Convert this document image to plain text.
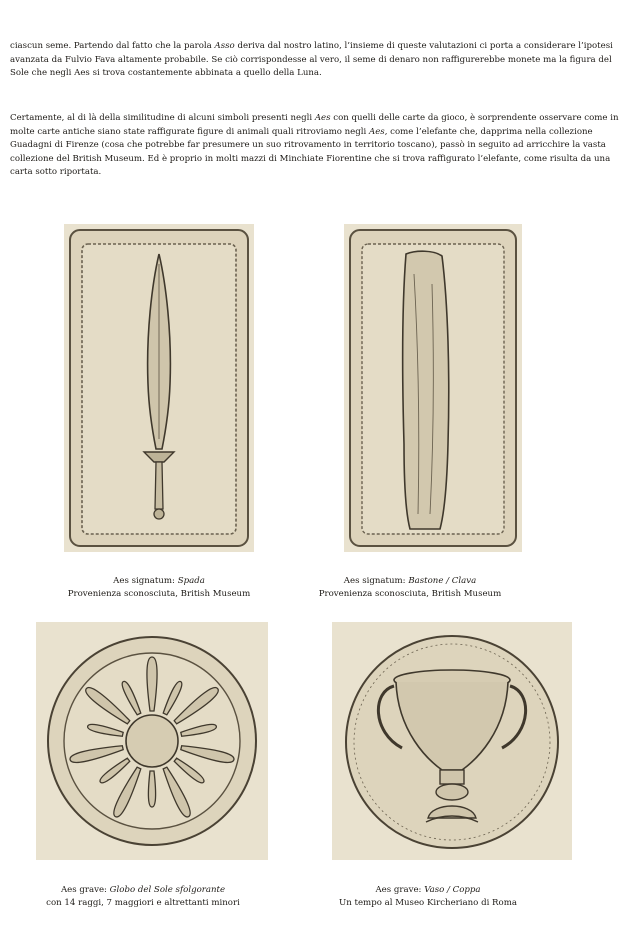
ciascun seme. Partendo dal fatto che la parola Asso deriva dal nostro latino, l’insieme di queste valutazioni ci porta a considerare l’ipotesi avanzata da Fulvio Fava altamente probabile. Se ciò corrispondesse al vero, il seme di denaro non raffigurerebbe monete ma la figura del Sole che negli Aes si trova costantemente abbinata a quello della Luna.

Certamente, al di là della similitudine di alcuni simboli presenti negli Aes con quelli delle carte da gioco, è sorprendente osservare come in molte carte antiche siano state raffigurate figure di animali quali ritroviamo negli Aes, come l’elefante che, dapprima nella collezione Guadagni di Firenze (cosa che potrebbe far presumere un suo ritrovamento in territorio toscano), passò in seguito ad arricchire la vasta collezione del British Museum. Ed è proprio in molti mazzi di Minchiate Fiorentine che si trova raffigurato l’elefante, come risulta da una carta sotto riportata.

Aes signatum: Spada
Provenienza sconosciuta, British Museum
Aes signatum: Bastone / Clava
Provenienza sconosciuta, British Museum
Aes grave: Globo del Sole sfolgorante
con 14 raggi, 7 maggiori e altrettanti minori
Aes grave: Vaso / Coppa
Un tempo al Museo Kircheriano di Roma
